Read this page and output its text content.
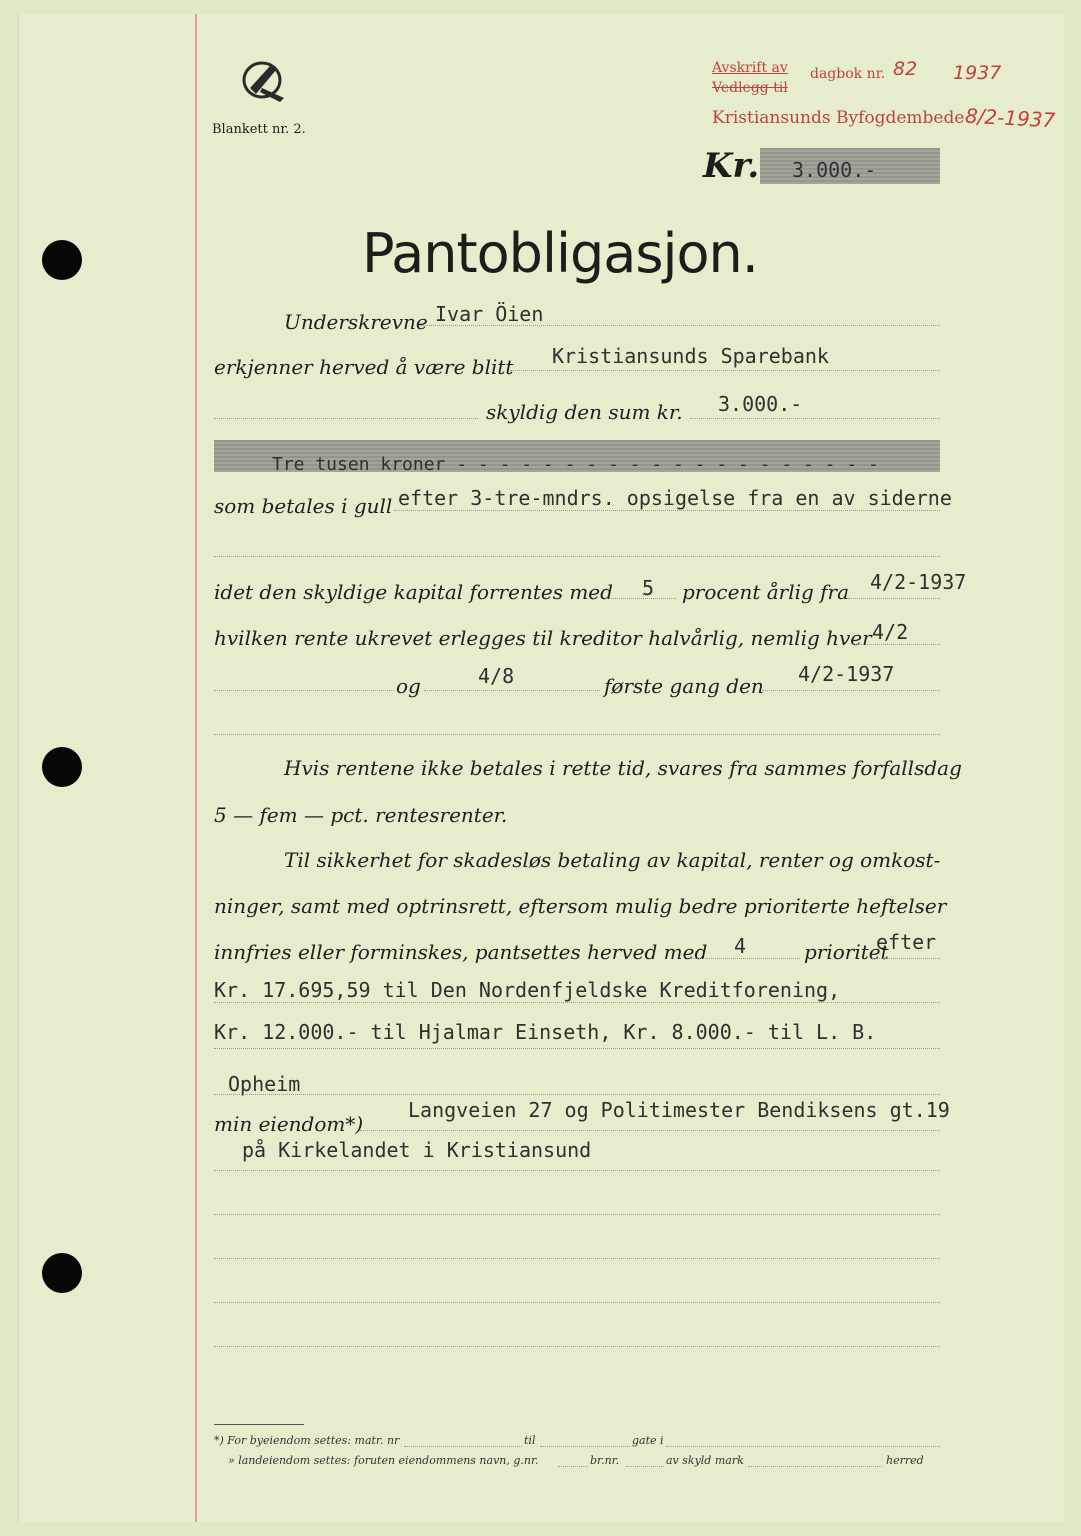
Blankett nr. 2.
Avskrift av dagbok nr. 82 1937
Vedlegg til
Kristiansunds Byfogdembede 8/2-1937
Kr. 3.000.-
Pantobligasjon.
Underskrevne Ivar Öien
erkjenner herved å være blitt Kristiansunds Sparebank
skyldig den sum kr. 3.000.-
Tre tusen kroner - - - - - - - - - - - - - - - - - - - -
som betales i gull efter 3-tre-mndrs. opsigelse fra en av siderne
idet den skyldige kapital forrentes med 5 procent årlig fra 4/2-1937
hvilken rente ukrevet erlegges til kreditor halvårlig, nemlig hver 4/2
og	4/8	første gang den 4/2-1937
Hvis rentene ikke betales i rette tid, svares fra sammes forfallsdag
5 — fem — pct. rentesrenter.
Til sikkerhet for skadesløs betaling av kapital, renter og omkost-
ninger, samt med optrinsrett, eftersom mulig bedre prioriterte heftelser
innfries eller forminskes, pantsettes herved med 4	prioritet
efter
Kr. 17.695,59 til Den Nordenfjeldske Kreditforening,
Kr. 12.000.- til Hjalmar Einseth, Kr. 8.000.- til L. B.
Opheim
min eiendom*)
Langveien 27 og Politimester Bendiksens gt.19
på Kirkelandet i Kristiansund
*) For byeiendom settes: matr. nr	til	gate i
» landeiendom settes: foruten eiendommens navn, g.nr.	br.nr.	av skyld mark	herred
